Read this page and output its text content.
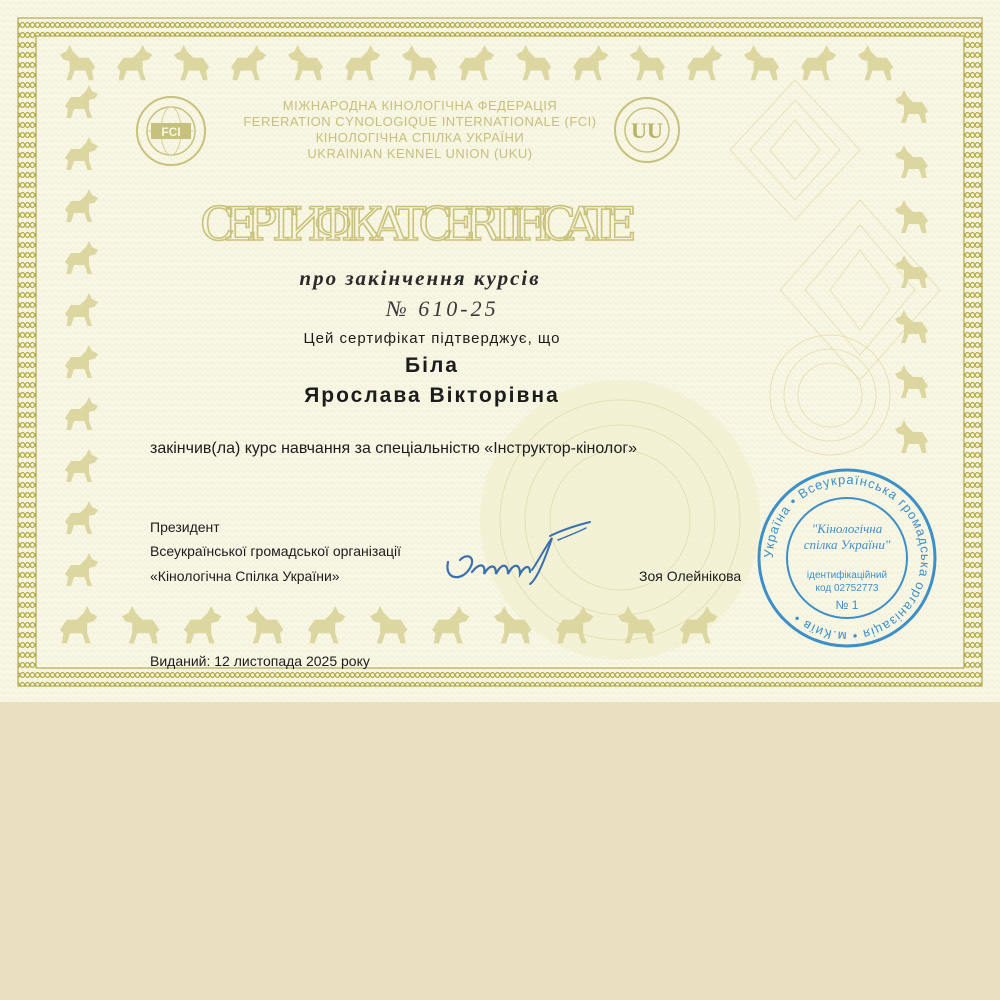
FCI	UU
МІЖНАРОДНА КІНОЛОГІЧНА ФЕДЕРАЦІЯ
FERERATION CYNOLOGIQUE INTERNATIONALE (FCI)
КІНОЛОГІЧНА СПІЛКА УКРАЇНИ
UKRAINIAN KENNEL UNION (UKU)
СЕРТИФІКАТ CERTIFICATE
про закінчення курсів
№ 610-25
Цей сертифікат підтверджує, що
Біла
Ярослава Вікторівна
закінчив(ла) курс навчання за спеціальністю «Інструктор-кінолог»
Президент
Всеукраїнської громадської організації
«Кінологічна Спілка України»	Зоя Олейнікова
Виданий: 12 листопада 2025 року
Україна • Всеукраїнська громадська організація • м.Київ •
"Кінологічна
спілка України"
ідентифікаційний
код 02752773
№ 1
